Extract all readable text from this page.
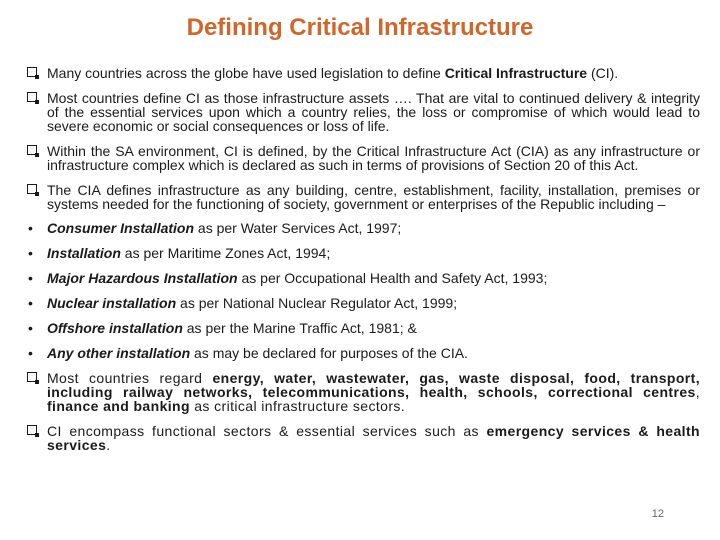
Defining Critical Infrastructure

Many countries across the globe have used legislation to define Critical Infrastructure (CI).

Most countries define CI as those infrastructure assets …. That are vital to continued delivery & integrity of the essential services upon which a country relies, the loss or compromise of which would lead to severe economic or social consequences or loss of life.

Within the SA environment, CI is defined, by the Critical Infrastructure Act (CIA) as any infrastructure or infrastructure complex which is declared as such in terms of provisions of Section 20 of this Act.

The CIA defines infrastructure as any building, centre, establishment, facility, installation, premises or systems needed for the functioning of society, government or enterprises of the Republic including –

• Consumer Installation as per Water Services Act, 1997;

• Installation as per Maritime Zones Act, 1994;

• Major Hazardous Installation as per Occupational Health and Safety Act, 1993;

• Nuclear installation as per National Nuclear Regulator Act, 1999;

• Offshore installation as per the Marine Traffic Act, 1981; &

• Any other installation as may be declared for purposes of the CIA.

Most countries regard energy, water, wastewater, gas, waste disposal, food, transport, including railway networks, telecommunications, health, schools, correctional centres, finance and banking as critical infrastructure sectors.

CI encompass functional sectors & essential services such as emergency services & health services.

12
